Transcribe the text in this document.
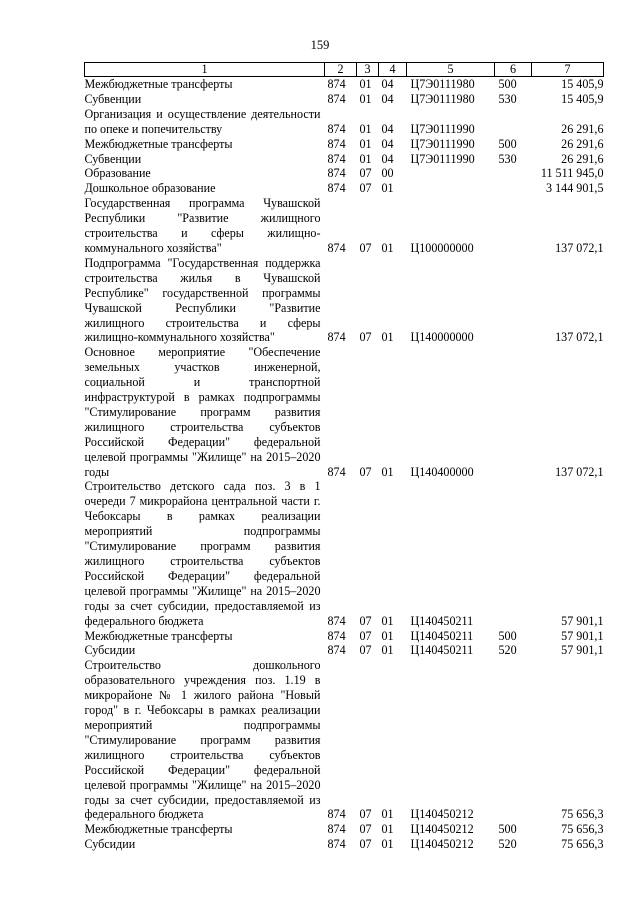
159
1	2	3	4	5	6	7
Межбюджетные трансферты	874	01	04	Ц7Э0111980	500	15 405,9
Субвенции	874	01	04	Ц7Э0111980	530	15 405,9
Организация и осуществление деятельности по опеке и попечительству	874	01	04	Ц7Э0111990		26 291,6
Межбюджетные трансферты	874	01	04	Ц7Э0111990	500	26 291,6
Субвенции	874	01	04	Ц7Э0111990	530	26 291,6
Образование	874	07	00			11 511 945,0
Дошкольное образование	874	07	01			3 144 901,5
Государственная программа Чувашской Республики "Развитие жилищного строительства и сферы жилищно-коммунального хозяйства"	874	07	01	Ц100000000		137 072,1
Подпрограмма "Государственная поддержка строительства жилья в Чувашской Республике" государственной программы Чувашской Республики "Развитие жилищного строительства и сферы жилищно-коммунального хозяйства"	874	07	01	Ц140000000		137 072,1
Основное мероприятие "Обеспечение земельных участков инженерной, социальной и транспортной инфраструктурой в рамках подпрограммы "Стимулирование программ развития жилищного строительства субъектов Российской Федерации" федеральной целевой программы "Жилище" на 2015–2020 годы	874	07	01	Ц140400000		137 072,1
Строительство детского сада поз. 3 в 1 очереди 7 микрорайона центральной части г. Чебоксары в рамках реализации мероприятий подпрограммы "Стимулирование программ развития жилищного строительства субъектов Российской Федерации" федеральной целевой программы "Жилище" на 2015–2020 годы за счет субсидии, предоставляемой из федерального бюджета	874	07	01	Ц140450211		57 901,1
Межбюджетные трансферты	874	07	01	Ц140450211	500	57 901,1
Субсидии	874	07	01	Ц140450211	520	57 901,1
Строительство дошкольного образовательного учреждения поз. 1.19 в микрорайоне № 1 жилого района "Новый город" в г. Чебоксары в рамках реализации мероприятий подпрограммы "Стимулирование программ развития жилищного строительства субъектов Российской Федерации" федеральной целевой программы "Жилище" на 2015–2020 годы за счет субсидии, предоставляемой из федерального бюджета	874	07	01	Ц140450212		75 656,3
Межбюджетные трансферты	874	07	01	Ц140450212	500	75 656,3
Субсидии	874	07	01	Ц140450212	520	75 656,3
